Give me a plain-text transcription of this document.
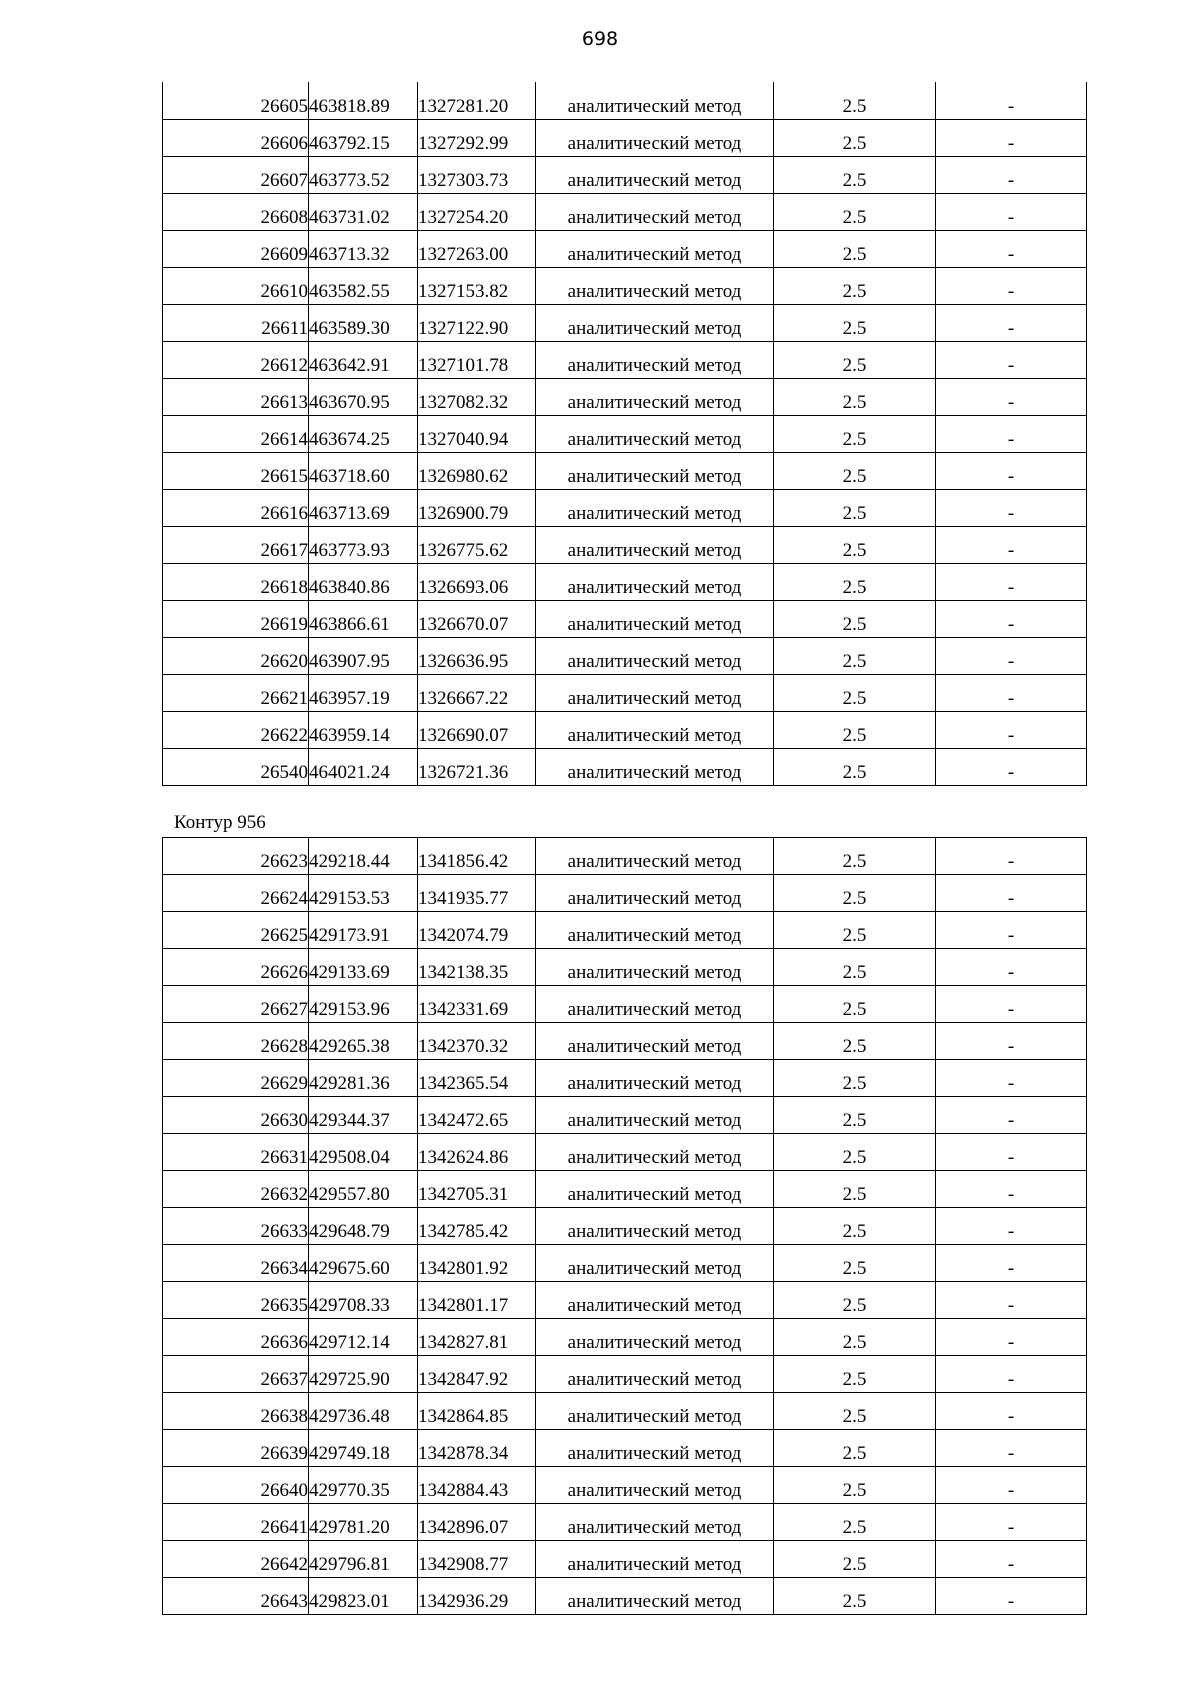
698
26605	463818.89	1327281.20	аналитический метод	2.5	-
26606	463792.15	1327292.99	аналитический метод	2.5	-
26607	463773.52	1327303.73	аналитический метод	2.5	-
26608	463731.02	1327254.20	аналитический метод	2.5	-
26609	463713.32	1327263.00	аналитический метод	2.5	-
26610	463582.55	1327153.82	аналитический метод	2.5	-
26611	463589.30	1327122.90	аналитический метод	2.5	-
26612	463642.91	1327101.78	аналитический метод	2.5	-
26613	463670.95	1327082.32	аналитический метод	2.5	-
26614	463674.25	1327040.94	аналитический метод	2.5	-
26615	463718.60	1326980.62	аналитический метод	2.5	-
26616	463713.69	1326900.79	аналитический метод	2.5	-
26617	463773.93	1326775.62	аналитический метод	2.5	-
26618	463840.86	1326693.06	аналитический метод	2.5	-
26619	463866.61	1326670.07	аналитический метод	2.5	-
26620	463907.95	1326636.95	аналитический метод	2.5	-
26621	463957.19	1326667.22	аналитический метод	2.5	-
26622	463959.14	1326690.07	аналитический метод	2.5	-
26540	464021.24	1326721.36	аналитический метод	2.5	-
Контур 956
26623	429218.44	1341856.42	аналитический метод	2.5	-
26624	429153.53	1341935.77	аналитический метод	2.5	-
26625	429173.91	1342074.79	аналитический метод	2.5	-
26626	429133.69	1342138.35	аналитический метод	2.5	-
26627	429153.96	1342331.69	аналитический метод	2.5	-
26628	429265.38	1342370.32	аналитический метод	2.5	-
26629	429281.36	1342365.54	аналитический метод	2.5	-
26630	429344.37	1342472.65	аналитический метод	2.5	-
26631	429508.04	1342624.86	аналитический метод	2.5	-
26632	429557.80	1342705.31	аналитический метод	2.5	-
26633	429648.79	1342785.42	аналитический метод	2.5	-
26634	429675.60	1342801.92	аналитический метод	2.5	-
26635	429708.33	1342801.17	аналитический метод	2.5	-
26636	429712.14	1342827.81	аналитический метод	2.5	-
26637	429725.90	1342847.92	аналитический метод	2.5	-
26638	429736.48	1342864.85	аналитический метод	2.5	-
26639	429749.18	1342878.34	аналитический метод	2.5	-
26640	429770.35	1342884.43	аналитический метод	2.5	-
26641	429781.20	1342896.07	аналитический метод	2.5	-
26642	429796.81	1342908.77	аналитический метод	2.5	-
26643	429823.01	1342936.29	аналитический метод	2.5	-
